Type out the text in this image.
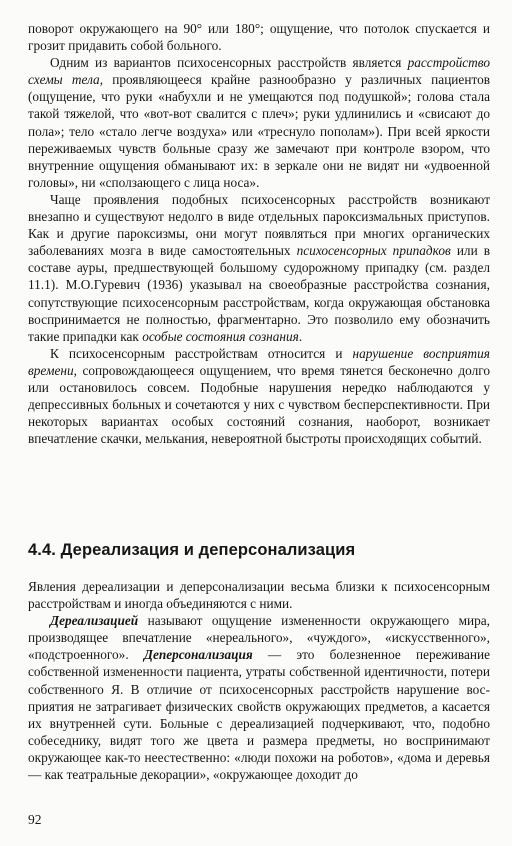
поворот окружающего на 90° или 180°; ощущение, что потолок спускается и грозит придавить собой больного.

Одним из вариантов психосенсорных расстройств является расстройство схемы тела, проявляющееся крайне разнообразно у различных пациентов (ощущение, что руки «набухли и не умещаются под подушкой»; голова стала такой тяжелой, что «вот-вот свалится с плеч»; руки удлинились и «свисают до пола»; тело «стало легче воздуха» или «треснуло пополам»). При всей яркости переживаемых чувств больные сразу же замечают при контроле взором, что внутренние ощущения обманывают их: в зеркале они не видят ни «удвоенной головы», ни «сползающего с лица носа».

Чаще проявления подобных психосенсорных расстройств возникают внезапно и существуют недолго в виде отдельных пароксизмальных приступов. Как и другие пароксизмы, они могут появляться при многих органических заболеваниях мозга в виде самостоятельных психосенсорных припадков или в составе ауры, предшествующей большому судорожному припадку (см. раздел 11.1). М.О.Гуревич (1936) указывал на своеобразные расстройства сознания, сопутствующие психосенсорным расстройствам, когда окружающая обстановка воспринимается не полностью, фрагментарно. Это позволило ему обозначить такие припадки как особые состояния сознания.

К психосенсорным расстройствам относится и нарушение восприятия времени, сопровождающееся ощущением, что время тянется бесконечно долго или остановилось совсем. Подобные нарушения нередко наблюдаются у депрессивных больных и сочетаются у них с чувством бесперспективности. При некоторых вариантах особых состояний сознания, наоборот, возникает впечатление скачки, мелькания, невероятной быстроты происходящих событий.

4.4. Дереализация и деперсонализация

Явления дереализации и деперсонализации весьма близки к психосенсорным расстройствам и иногда объединяются с ними.

Дереализацией называют ощущение измененности окружающего мира, производящее впечатление «нереального», «чуждого», «искусственного», «подстроенного». Деперсонализация — это болезненное переживание собственной измененности пациента, утраты собственной идентичности, потери собственного Я. В отличие от психосенсорных расстройств нарушение восприятия не затрагивает физических свойств окружающих предметов, а касается их внутренней сути. Больные с дереализацией подчеркивают, что, подобно собеседнику, видят того же цвета и размера предметы, но воспринимают окружающее как-то неестественно: «люди похожи на роботов», «дома и деревья — как театральные декорации», «окружающее доходит до

92
